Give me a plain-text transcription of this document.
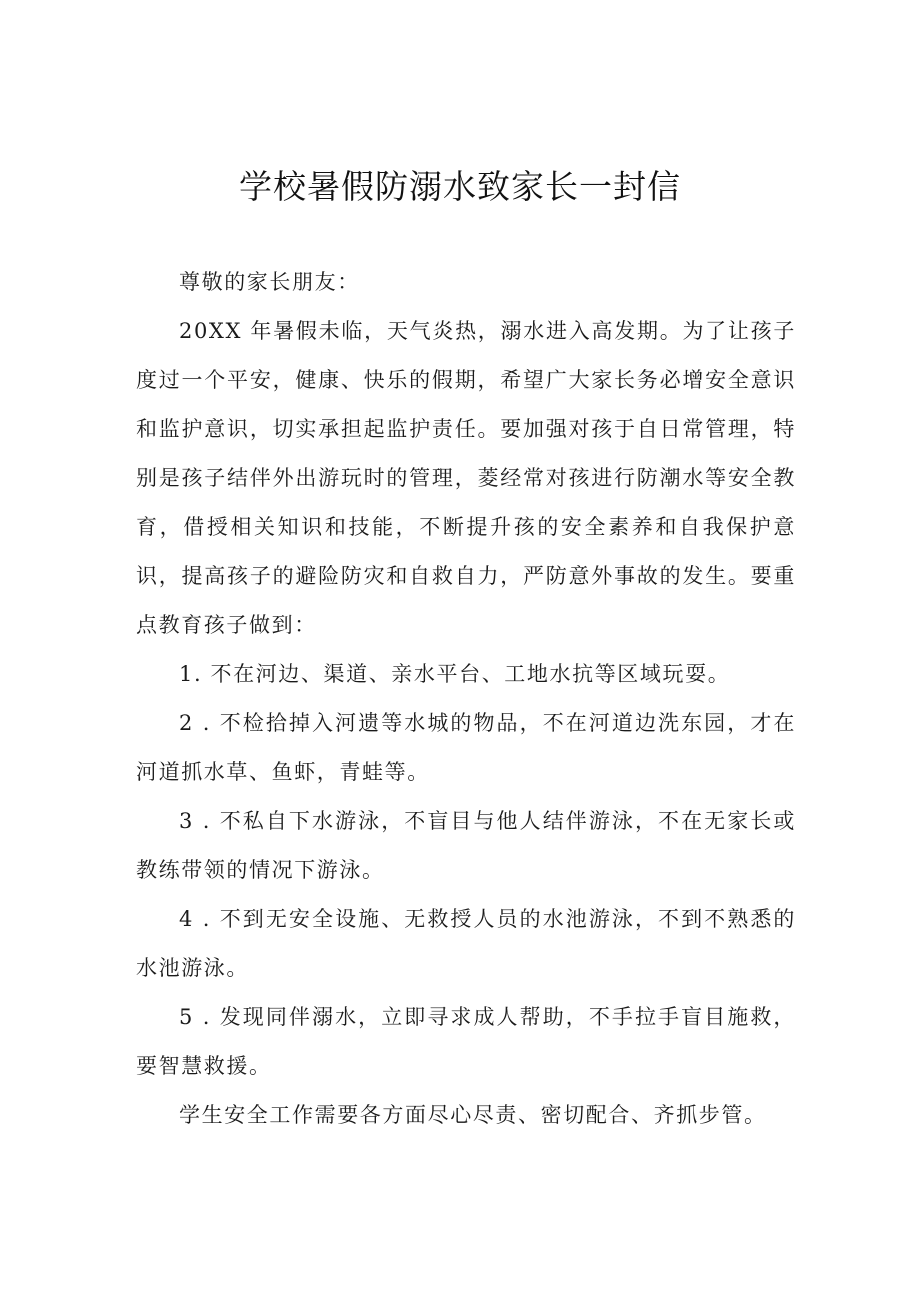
学校暑假防溺水致家长一封信

尊敬的家长朋友：

20XX 年暑假未临，天气炎热，溺水进入高发期。为了让孩子度过一个平安，健康、快乐的假期，希望广大家长务必增安全意识和监护意识，切实承担起监护责任。要加强对孩于自日常管理，特别是孩子结伴外出游玩时的管理，菱经常对孩进行防潮水等安全教育，借授相关知识和技能，不断提升孩的安全素养和自我保护意识，提高孩子的避险防灾和自救自力，严防意外事故的发生。要重点教育孩子做到：

1. 不在河边、渠道、亲水平台、工地水抗等区域玩耍。

2 . 不检拾掉入河遗等水城的物品，不在河道边洗东园，才在河道抓水草、鱼虾，青蛙等。

3 . 不私自下水游泳，不盲目与他人结伴游泳，不在无家长或教练带领的情况下游泳。

4 . 不到无安全设施、无救授人员的水池游泳，不到不熟悉的水池游泳。

5 . 发现同伴溺水，立即寻求成人帮助，不手拉手盲目施救，要智慧救援。

学生安全工作需要各方面尽心尽责、密切配合、齐抓步管。
